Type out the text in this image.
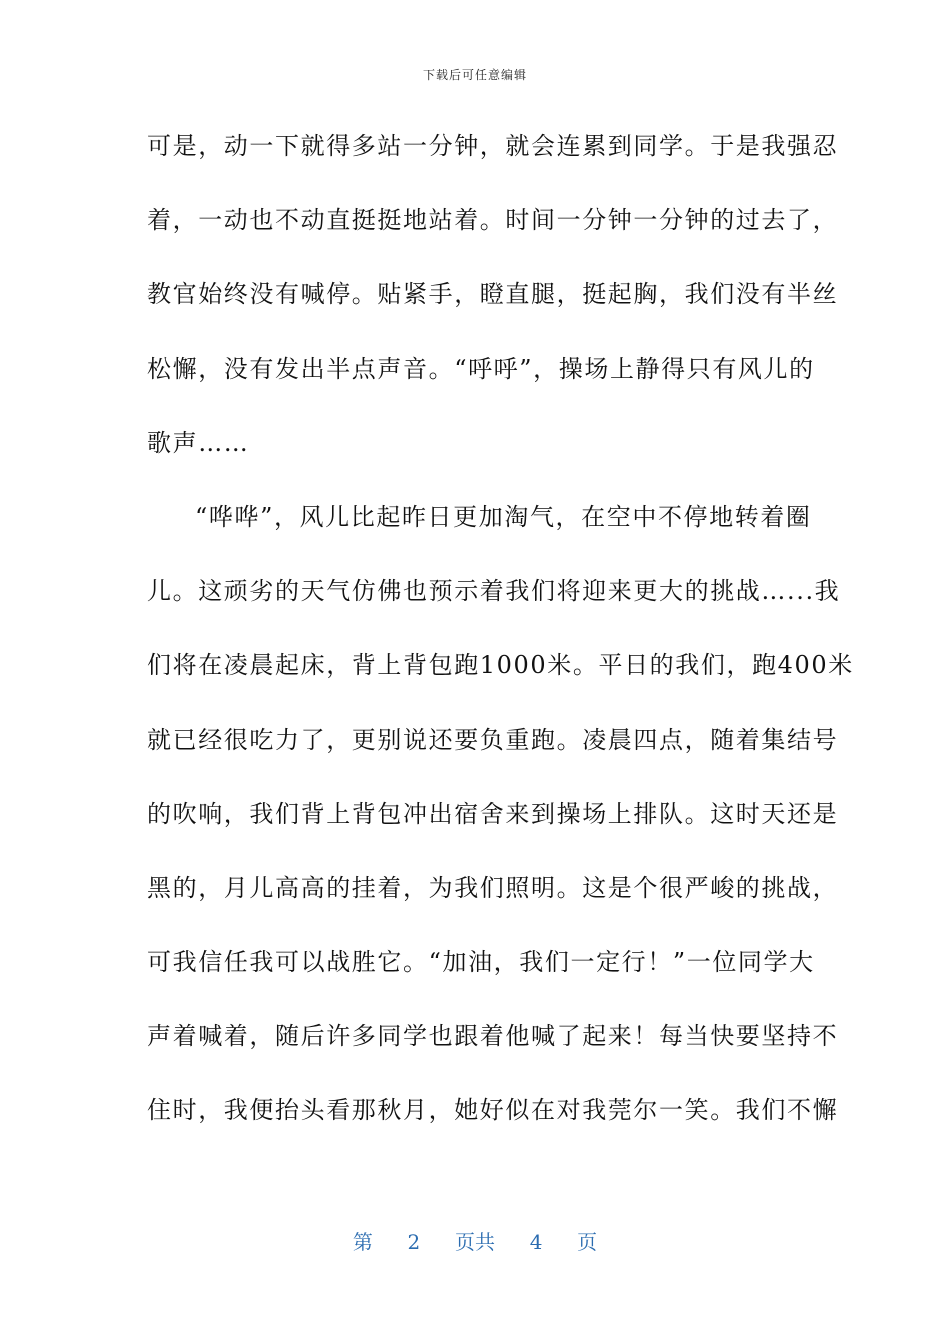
下载后可任意编辑
可是，动一下就得多站一分钟，就会连累到同学。于是我强忍
着，一动也不动直挺挺地站着。时间一分钟一分钟的过去了，
教官始终没有喊停。贴紧手，瞪直腿，挺起胸，我们没有半丝
松懈，没有发出半点声音。“呼呼”，操场上静得只有风儿的
歌声……
“哗哗”，风儿比起昨日更加淘气，在空中不停地转着圈
儿。这顽劣的天气仿佛也预示着我们将迎来更大的挑战…...我
们将在凌晨起床，背上背包跑1000米。平日的我们，跑400米
就已经很吃力了，更别说还要负重跑。凌晨四点，随着集结号
的吹响，我们背上背包冲出宿舍来到操场上排队。这时天还是
黑的，月儿高高的挂着，为我们照明。这是个很严峻的挑战，
可我信任我可以战胜它。“加油，我们一定行！”一位同学大
声着喊着，随后许多同学也跟着他喊了起来！每当快要坚持不
住时，我便抬头看那秋月，她好似在对我莞尔一笑。我们不懈
第 2 页共 4 页
